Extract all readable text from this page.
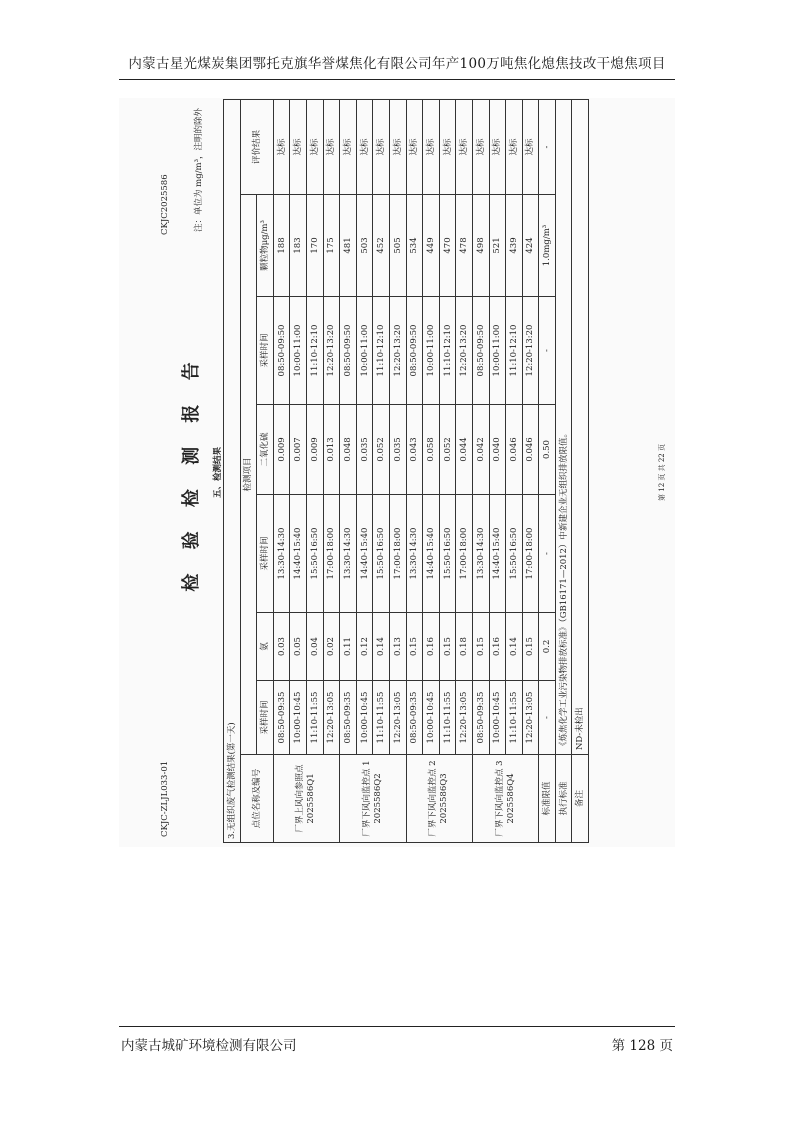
内蒙古星光煤炭集团鄂托克旗华誉煤焦化有限公司年产100万吨焦化熄焦技改干熄焦项目
CKJC-ZLJL033-01
CKJC2025586
检 验 检 测 报 告
注：单位为 mg/m³，注明的除外
五、检测结果
3.无组织废气检测结果(第一天)							
点位名称及编号	检测项目						评价结果
	采样时间	氨	采样时间	二氧化硫	采样时间	颗粒物μg/m³	
厂界上风向参照点 2025586Q1	08:50-09:35	0.03	13:30-14:30	0.009	08:50-09:50	188	达标
	10:00-10:45	0.05	14:40-15:40	0.007	10:00-11:00	183	达标
	11:10-11:55	0.04	15:50-16:50	0.009	11:10-12:10	170	达标
	12:20-13:05	0.02	17:00-18:00	0.013	12:20-13:20	175	达标
厂界下风向监控点 1 2025586Q2	08:50-09:35	0.11	13:30-14:30	0.048	08:50-09:50	481	达标
	10:00-10:45	0.12	14:40-15:40	0.035	10:00-11:00	503	达标
	11:10-11:55	0.14	15:50-16:50	0.052	11:10-12:10	452	达标
	12:20-13:05	0.13	17:00-18:00	0.035	12:20-13:20	505	达标
厂界下风向监控点 2 2025586Q3	08:50-09:35	0.15	13:30-14:30	0.043	08:50-09:50	534	达标
	10:00-10:45	0.16	14:40-15:40	0.058	10:00-11:00	449	达标
	11:10-11:55	0.15	15:50-16:50	0.052	11:10-12:10	470	达标
	12:20-13:05	0.18	17:00-18:00	0.044	12:20-13:20	478	达标
厂界下风向监控点 3 2025586Q4	08:50-09:35	0.15	13:30-14:30	0.042	08:50-09:50	498	达标
	10:00-10:45	0.16	14:40-15:40	0.040	10:00-11:00	521	达标
	11:10-11:55	0.14	15:50-16:50	0.046	11:10-12:10	439	达标
	12:20-13:05	0.15	17:00-18:00	0.046	12:20-13:20	424	达标
标准限值	-	0.2	-	0.50	-	1.0mg/m³	-
执行标准	《炼焦化学工业污染物排放标准》（GB16171—2012）中新建企业无组织排放限值。						
备注	ND-未检出						
第 12 页 共 22 页
内蒙古城矿环境检测有限公司	第 128 页
